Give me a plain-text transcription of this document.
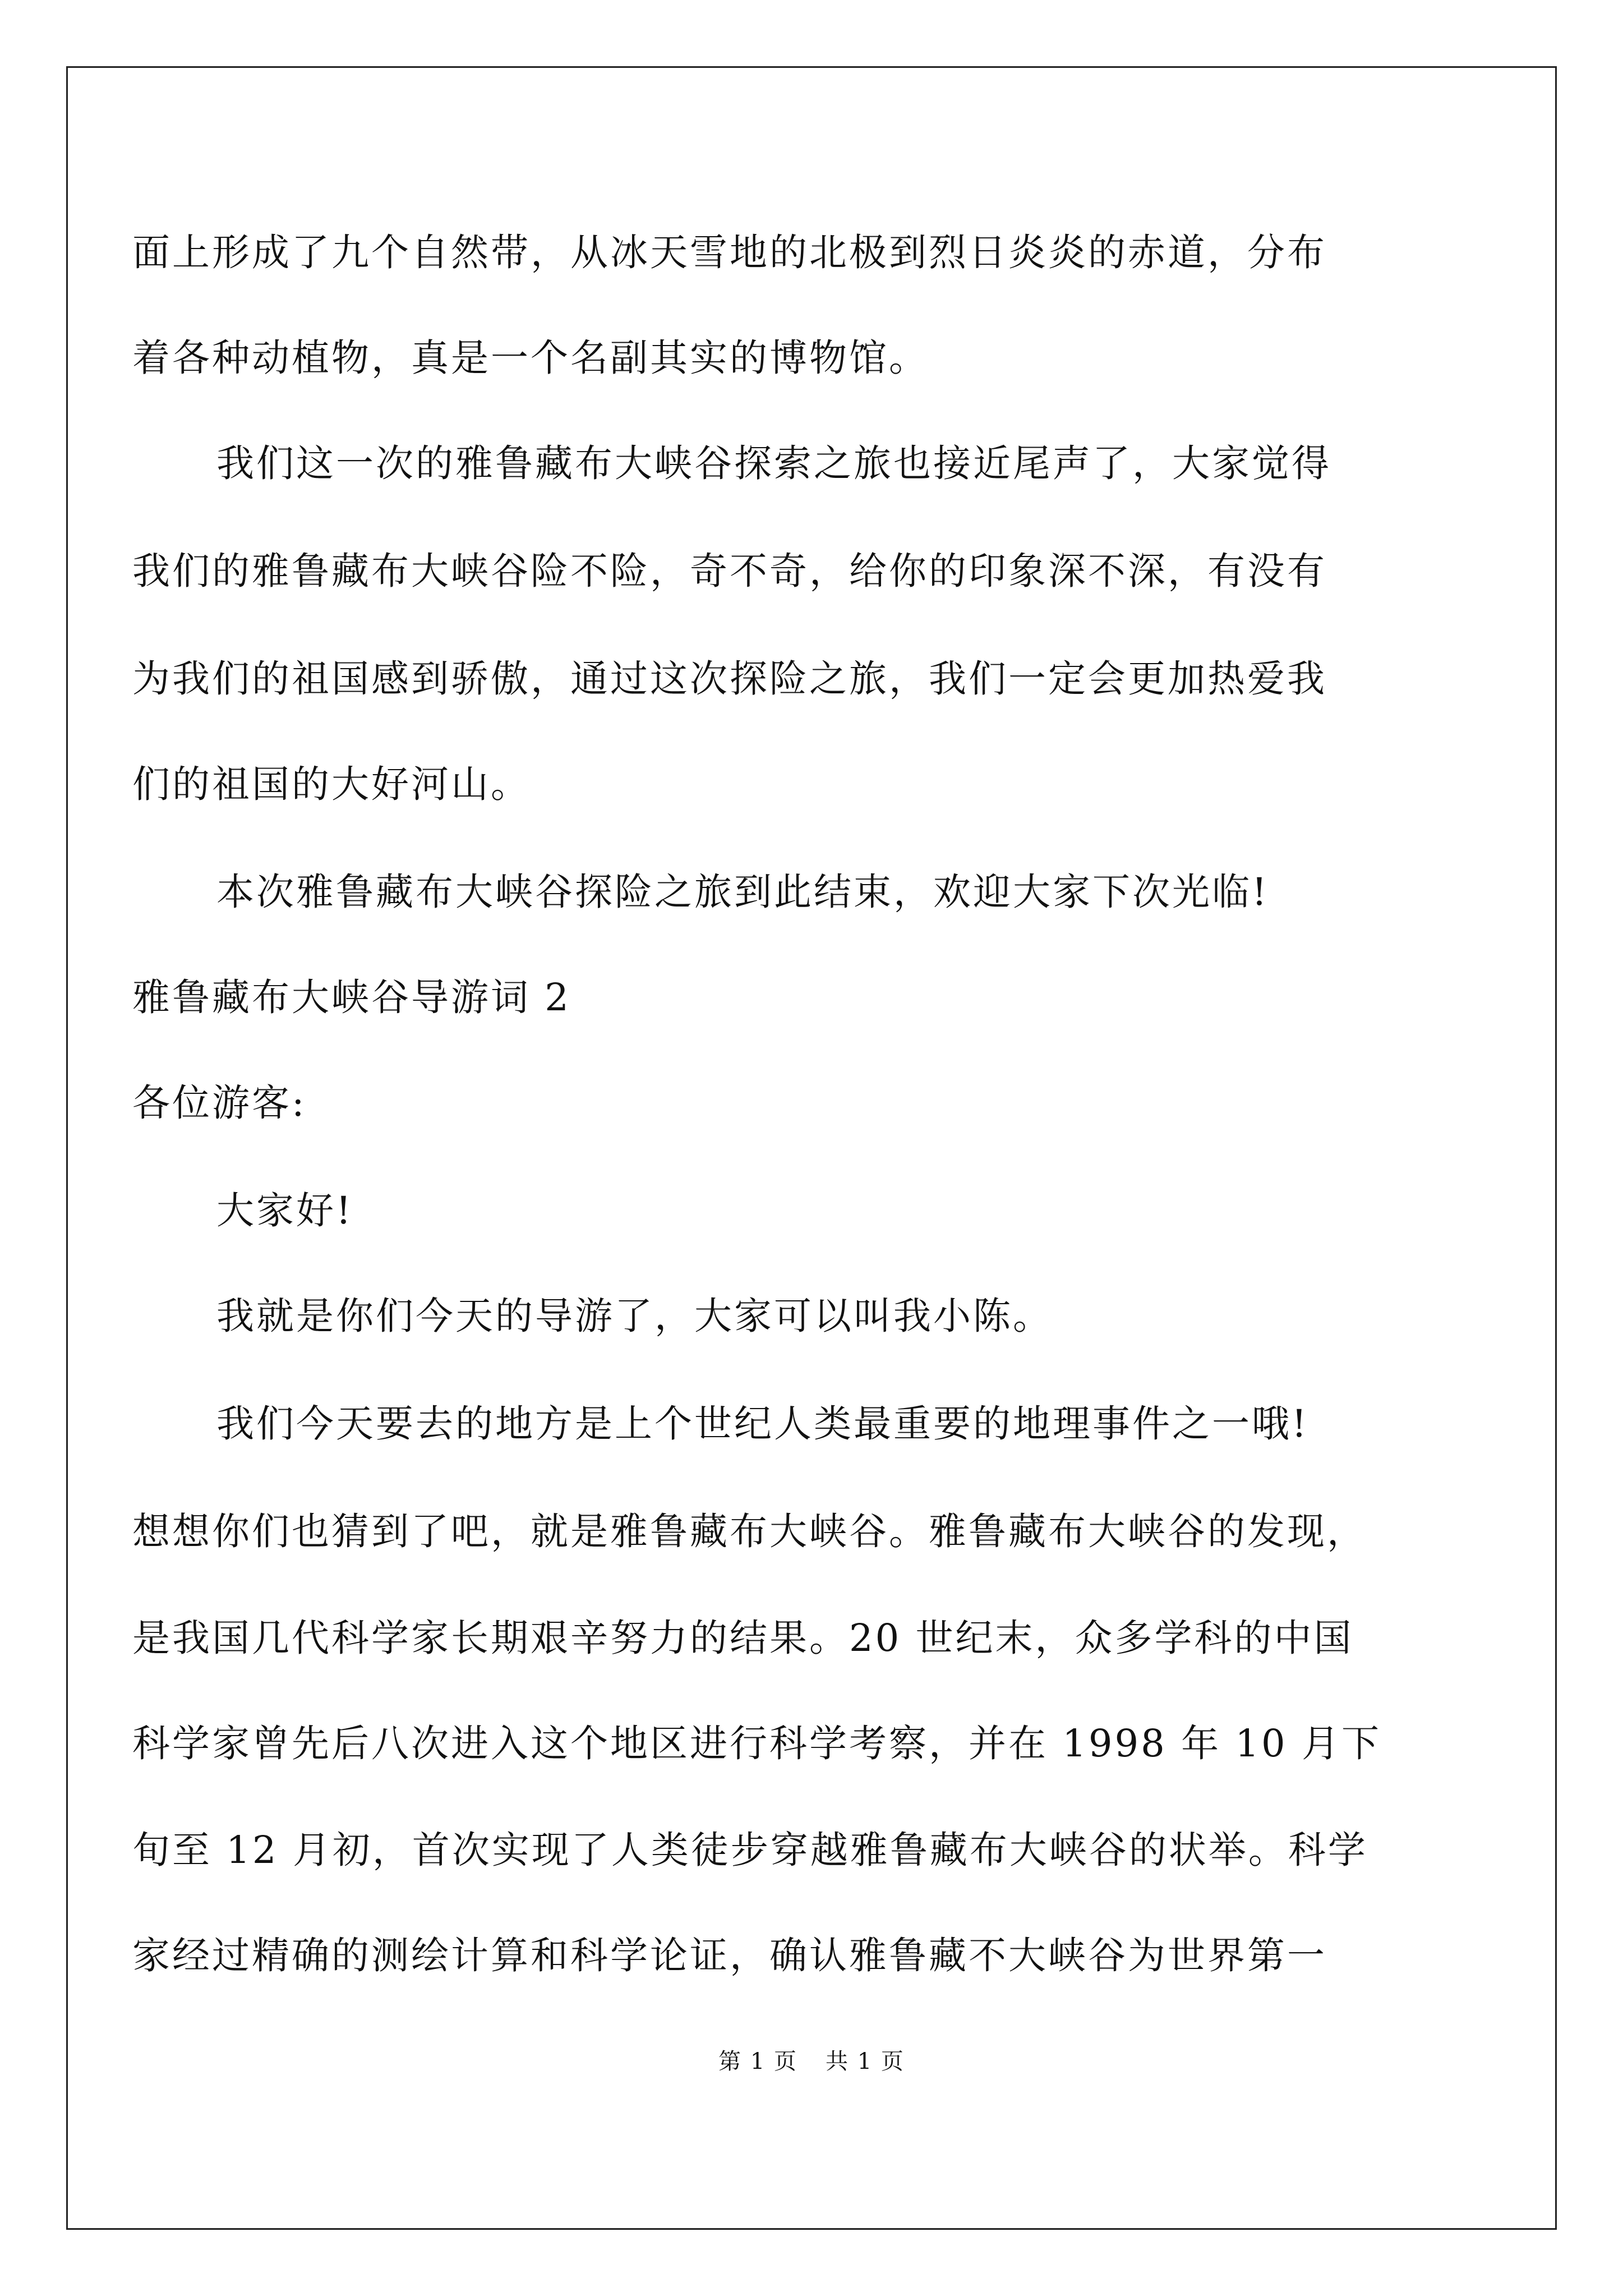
面上形成了九个自然带，从冰天雪地的北极到烈日炎炎的赤道，分布
着各种动植物，真是一个名副其实的博物馆。
我们这一次的雅鲁藏布大峡谷探索之旅也接近尾声了，大家觉得
我们的雅鲁藏布大峡谷险不险，奇不奇，给你的印象深不深，有没有
为我们的祖国感到骄傲，通过这次探险之旅，我们一定会更加热爱我
们的祖国的大好河山。
本次雅鲁藏布大峡谷探险之旅到此结束，欢迎大家下次光临!
雅鲁藏布大峡谷导游词 2
各位游客:
大家好!
我就是你们今天的导游了，大家可以叫我小陈。
我们今天要去的地方是上个世纪人类最重要的地理事件之一哦!
想想你们也猜到了吧，就是雅鲁藏布大峡谷。雅鲁藏布大峡谷的发现，
是我国几代科学家长期艰辛努力的结果。20 世纪末，众多学科的中国
科学家曾先后八次进入这个地区进行科学考察，并在 1998 年 10 月下
旬至 12 月初，首次实现了人类徒步穿越雅鲁藏布大峡谷的状举。科学
家经过精确的测绘计算和科学论证，确认雅鲁藏不大峡谷为世界第一
第 1 页 共 1 页
